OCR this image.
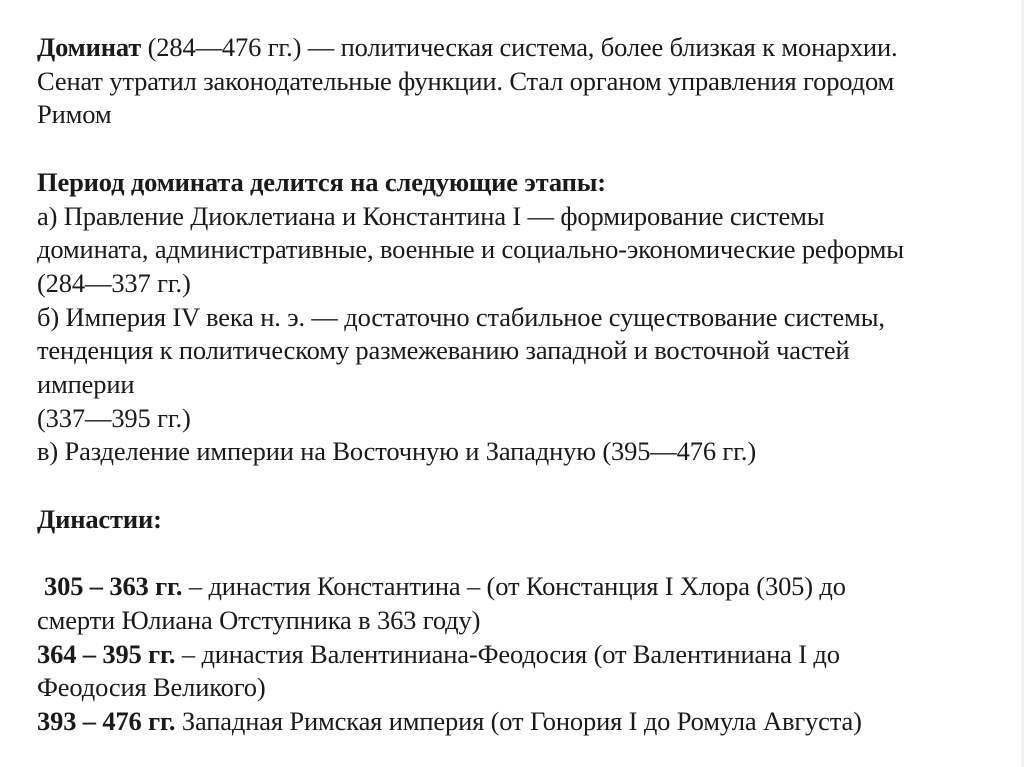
Доминат (284—476 гг.) — политическая система, более близкая к монархии.
Сенат утратил законодательные функции. Стал органом управления городом
Римом
Период домината делится на следующие этапы:
а) Правление Диоклетиана и Константина I — формирование системы
домината, административные, военные и социально-экономические реформы
(284—337 гг.)
б) Империя IV века н. э. — достаточно стабильное существование системы,
тенденция к политическому размежеванию западной и восточной частей
империи
(337—395 гг.)
в) Разделение империи на Восточную и Западную (395—476 гг.)
Династии:
305 – 363 гг. – династия Константина – (от Констанция I Хлора (305) до
смерти Юлиана Отступника в 363 году)
364 – 395 гг. – династия Валентиниана-Феодосия (от Валентиниана I до
Феодосия Великого)
393 – 476 гг. Западная Римская империя (от Гонория I до Ромула Августа)
